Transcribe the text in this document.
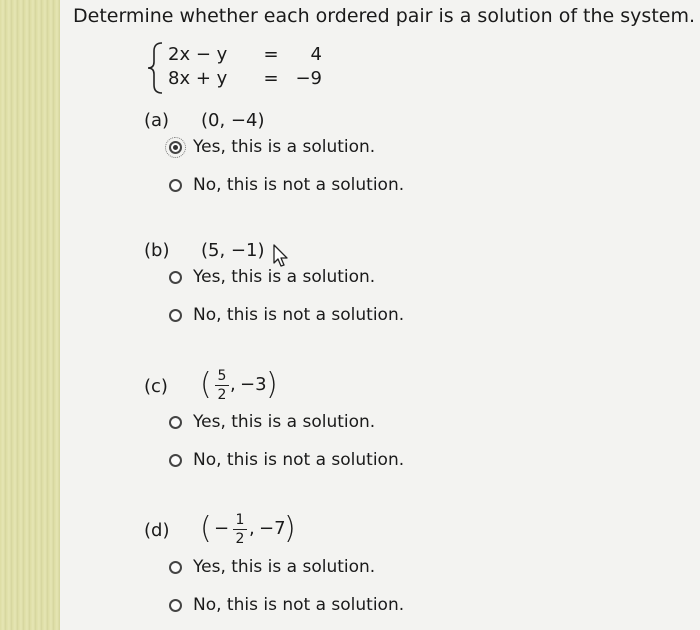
Determine whether each ordered pair is a solution of the system.
2x − y = 4
8x + y = −9
(a) (0, −4)
Yes, this is a solution.
No, this is not a solution.
(b) (5, −1)
Yes, this is a solution.
No, this is not a solution.
(c) ( 5
2 , −3 )
Yes, this is a solution.
No, this is not a solution.
(d) ( − 1
2 , −7
)
Yes, this is a solution.
No, this is not a solution.
